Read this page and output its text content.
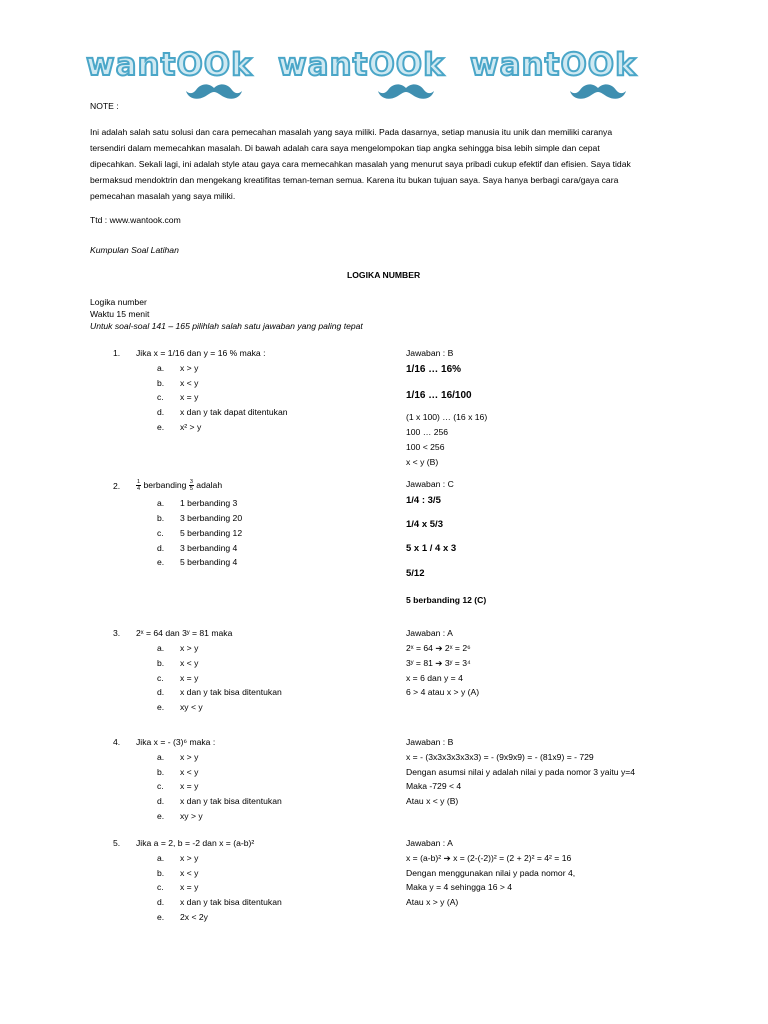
wantOOk wantOOk wantOOk
NOTE :
Ini adalah salah satu solusi dan cara pemecahan masalah yang saya miliki. Pada dasarnya, setiap manusia itu unik dan memiliki caranya
tersendiri dalam memecahkan masalah. Di bawah adalah cara saya mengelompokan tiap angka sehingga bisa lebih simple dan cepat
dipecahkan. Sekali lagi, ini adalah style atau gaya cara memecahkan masalah yang menurut saya pribadi cukup efektif dan efisien. Saya tidak
bermaksud mendoktrin dan mengekang kreatifitas teman-teman semua. Karena itu bukan tujuan saya. Saya hanya berbagi cara/gaya cara
pemecahan masalah yang saya miliki.
Ttd : www.wantook.com
Kumpulan Soal Latihan
LOGIKA NUMBER
Logika number
Waktu 15 menit
Untuk soal-soal 141 – 165 pilihlah salah satu jawaban yang paling tepat
1. Jika x = 1/16 dan y = 16 % maka :
a. x > y
b. x < y
c. x = y
d. x dan y tak dapat ditentukan
e. x² > y
Jawaban : B
1/16 … 16%
1/16 … 16/100
(1 x 100) … (16 x 16)
100 … 256
100 < 256
x < y (B)
2.	$\frac{1}{4}$ berbanding $\frac{3}{5}$ adalah
a. 1 berbanding 3
b. 3 berbanding 20
c. 5 berbanding 12
d. 3 berbanding 4
e. 5 berbanding 4
Jawaban : C
1/4 : 3/5
1/4 x 5/3
5 x 1 / 4 x 3
5/12
5 berbanding 12 (C)
3. 2ˣ = 64 dan 3ʸ = 81 maka
a. x > y
b. x < y
c. x = y
d. x dan y tak bisa ditentukan
e. xy < y
Jawaban : A
2ˣ = 64 ➔ 2ˣ = 2⁶
3ʸ = 81 ➔ 3ʸ = 3⁴
x = 6 dan y = 4
6 > 4 atau x > y (A)
4. Jika x = - (3)⁶ maka :
a. x > y
b. x < y
c. x = y
d. x dan y tak bisa ditentukan
e. xy > y
Jawaban : B
x = - (3x3x3x3x3x3) = - (9x9x9) = - (81x9) = - 729
Dengan asumsi nilai y adalah nilai y pada nomor 3 yaitu y=4
Maka -729 < 4
Atau x < y (B)
5. Jika a = 2, b = -2 dan x = (a-b)²
a. x > y
b. x < y
c. x = y
d. x dan y tak bisa ditentukan
e. 2x < 2y
Jawaban : A
x = (a-b)² ➔ x = (2-(-2))² = (2 + 2)² = 4² = 16
Dengan menggunakan nilai y pada nomor 4,
Maka y = 4 sehingga 16 > 4
Atau x > y (A)
